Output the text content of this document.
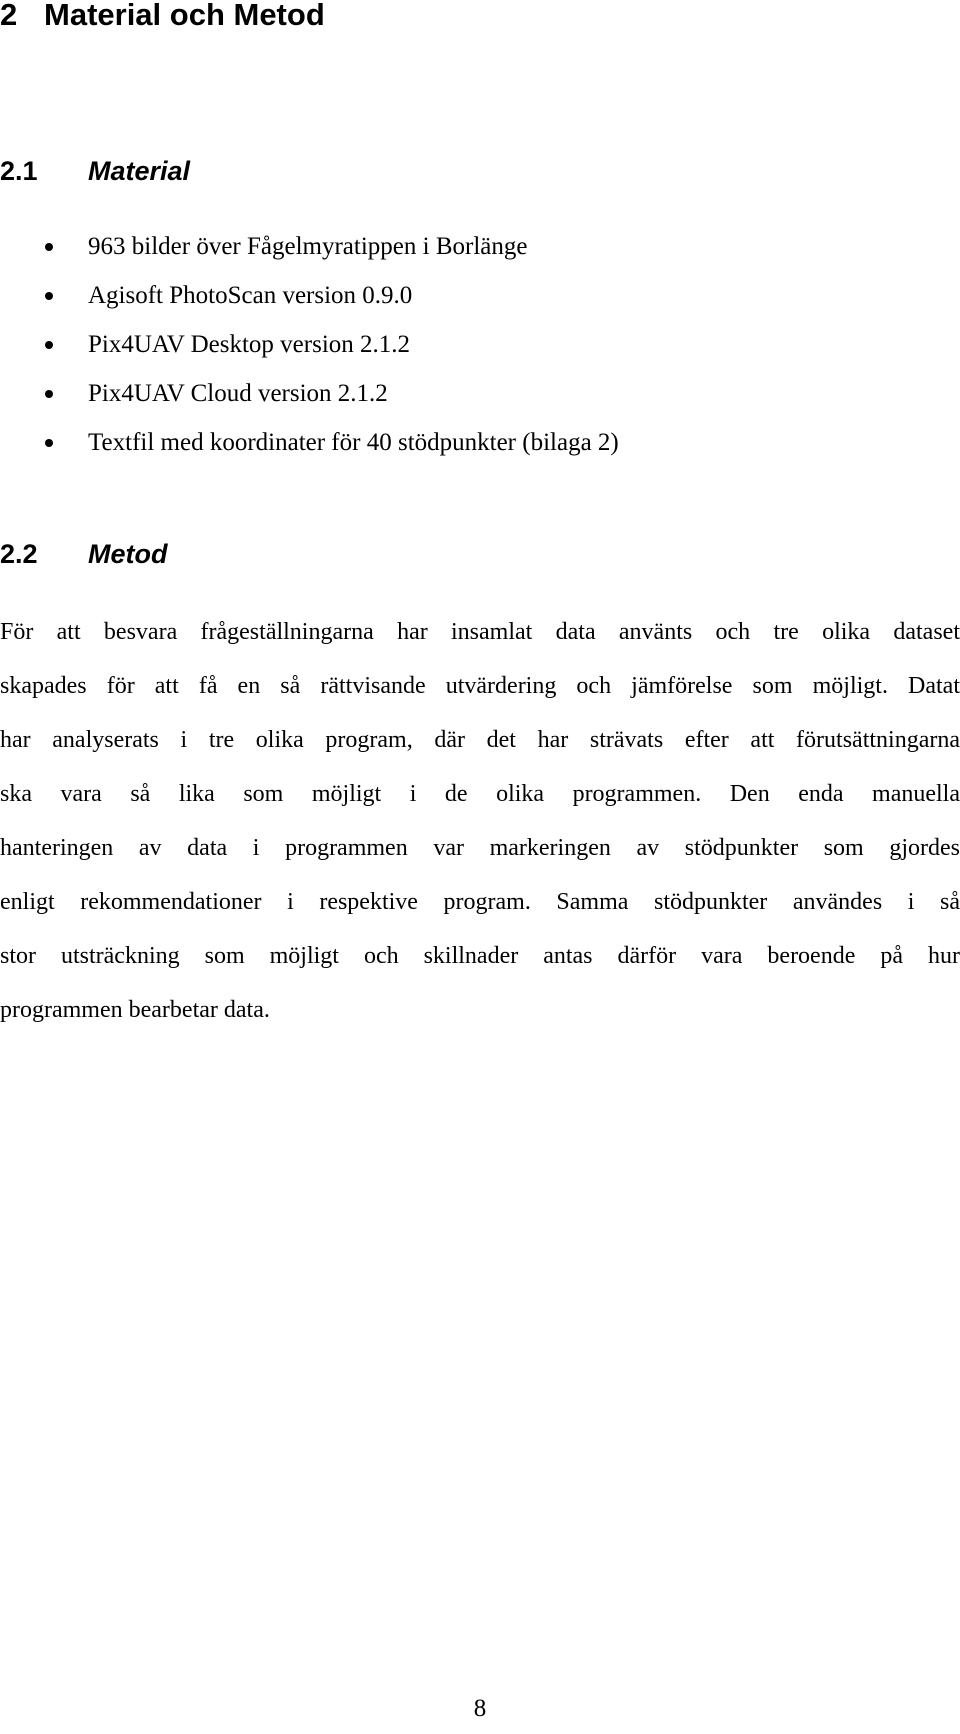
2 Material och Metod
2.1 Material
963 bilder över Fågelmyratippen i Borlänge
Agisoft PhotoScan version 0.9.0
Pix4UAV Desktop version 2.1.2
Pix4UAV Cloud version 2.1.2
Textfil med koordinater för 40 stödpunkter (bilaga 2)
2.2 Metod
För att besvara frågeställningarna har insamlat data använts och tre olika dataset
skapades för att få en så rättvisande utvärdering och jämförelse som möjligt. Datat
har analyserats i tre olika program, där det har strävats efter att förutsättningarna
ska vara så lika som möjligt i de olika programmen. Den enda manuella
hanteringen av data i programmen var markeringen av stödpunkter som gjordes
enligt rekommendationer i respektive program. Samma stödpunkter användes i så
stor utsträckning som möjligt och skillnader antas därför vara beroende på hur
programmen bearbetar data.
8
